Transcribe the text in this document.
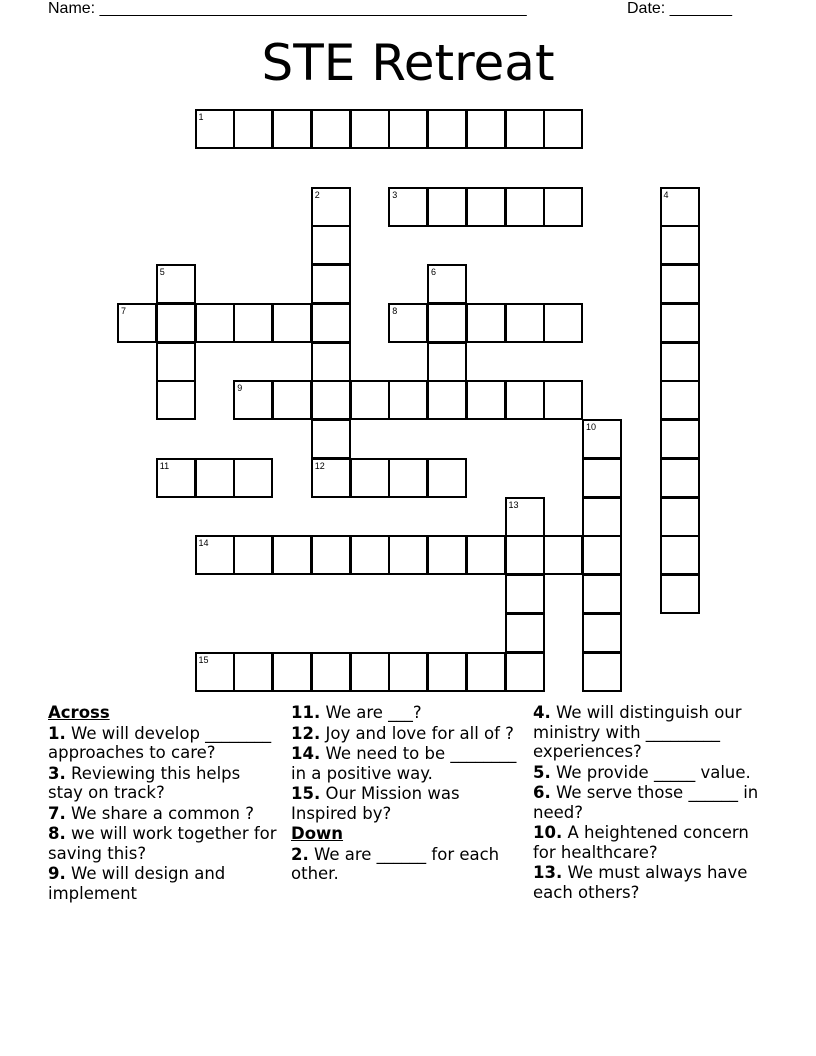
Name: ________________________________________________	Date: _______
STE Retreat
1
2
12
3	4
5	6
7	8
9
10
11
13
14
15
Across
1. We will develop ________ approaches to care?
3. Reviewing this helps stay on track?
7. We share a common ?
8. we will work together for saving this?
9. We will design and implement
11. We are ___?
12. Joy and love for all of ?
14. We need to be ________ in a positive way.
15. Our Mission was Inspired by?
Down
2. We are ______ for each other.
4. We will distinguish our ministry with _________ experiences?
5. We provide _____ value.
6. We serve those ______ in need?
10. A heightened concern for healthcare?
13. We must always have each others?
